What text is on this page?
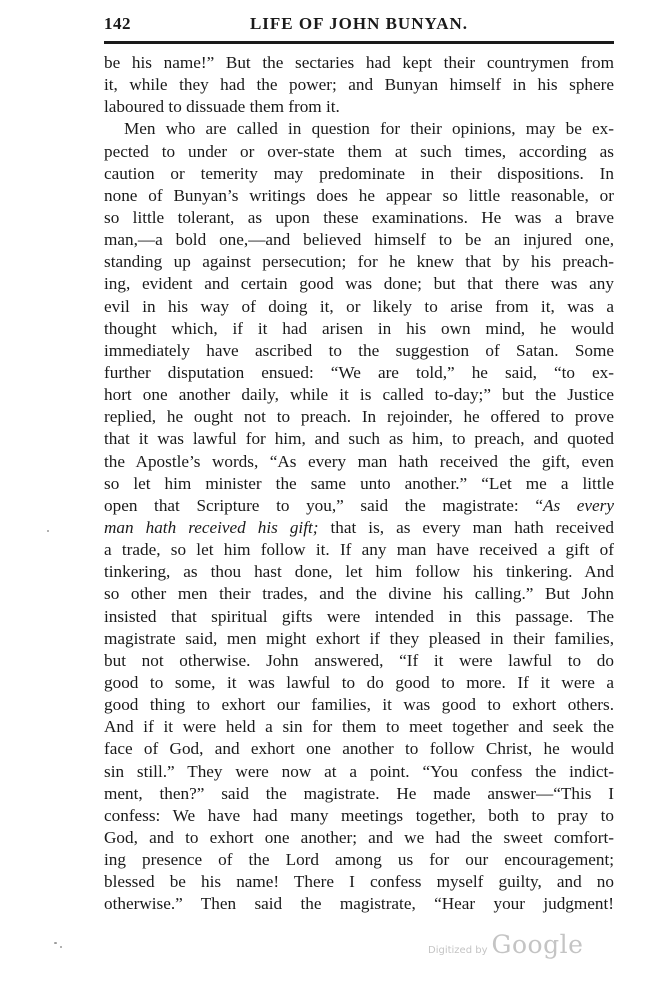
142	LIFE OF JOHN BUNYAN.
be his name!” But the sectaries had kept their countrymen from
it, while they had the power; and Bunyan himself in his sphere
laboured to dissuade them from it.
Men who are called in question for their opinions, may be ex-
pected to under or over-state them at such times, according as
caution or temerity may predominate in their dispositions. In
none of Bunyan’s writings does he appear so little reasonable, or
so little tolerant, as upon these examinations. He was a brave
man,—a bold one,—and believed himself to be an injured one,
standing up against persecution; for he knew that by his preach-
ing, evident and certain good was done; but that there was any
evil in his way of doing it, or likely to arise from it, was a
thought which, if it had arisen in his own mind, he would
immediately have ascribed to the suggestion of Satan. Some
further disputation ensued: “We are told,” he said, “to ex-
hort one another daily, while it is called to-day;” but the Justice
replied, he ought not to preach. In rejoinder, he offered to prove
that it was lawful for him, and such as him, to preach, and quoted
the Apostle’s words, “As every man hath received the gift, even
so let him minister the same unto another.” “Let me a little
open that Scripture to you,” said the magistrate: “As every
man hath received his gift; that is, as every man hath received
a trade, so let him follow it. If any man have received a gift of
tinkering, as thou hast done, let him follow his tinkering. And
so other men their trades, and the divine his calling.” But John
insisted that spiritual gifts were intended in this passage. The
magistrate said, men might exhort if they pleased in their families,
but not otherwise. John answered, “If it were lawful to do
good to some, it was lawful to do good to more. If it were a
good thing to exhort our families, it was good to exhort others.
And if it were held a sin for them to meet together and seek the
face of God, and exhort one another to follow Christ, he would
sin still.” They were now at a point. “You confess the indict-
ment, then?” said the magistrate. He made answer—“This I
confess: We have had many meetings together, both to pray to
God, and to exhort one another; and we had the sweet comfort-
ing presence of the Lord among us for our encouragement;
blessed be his name! There I confess myself guilty, and no
otherwise.” Then said the magistrate, “Hear your judgment!
Digitized by Google
